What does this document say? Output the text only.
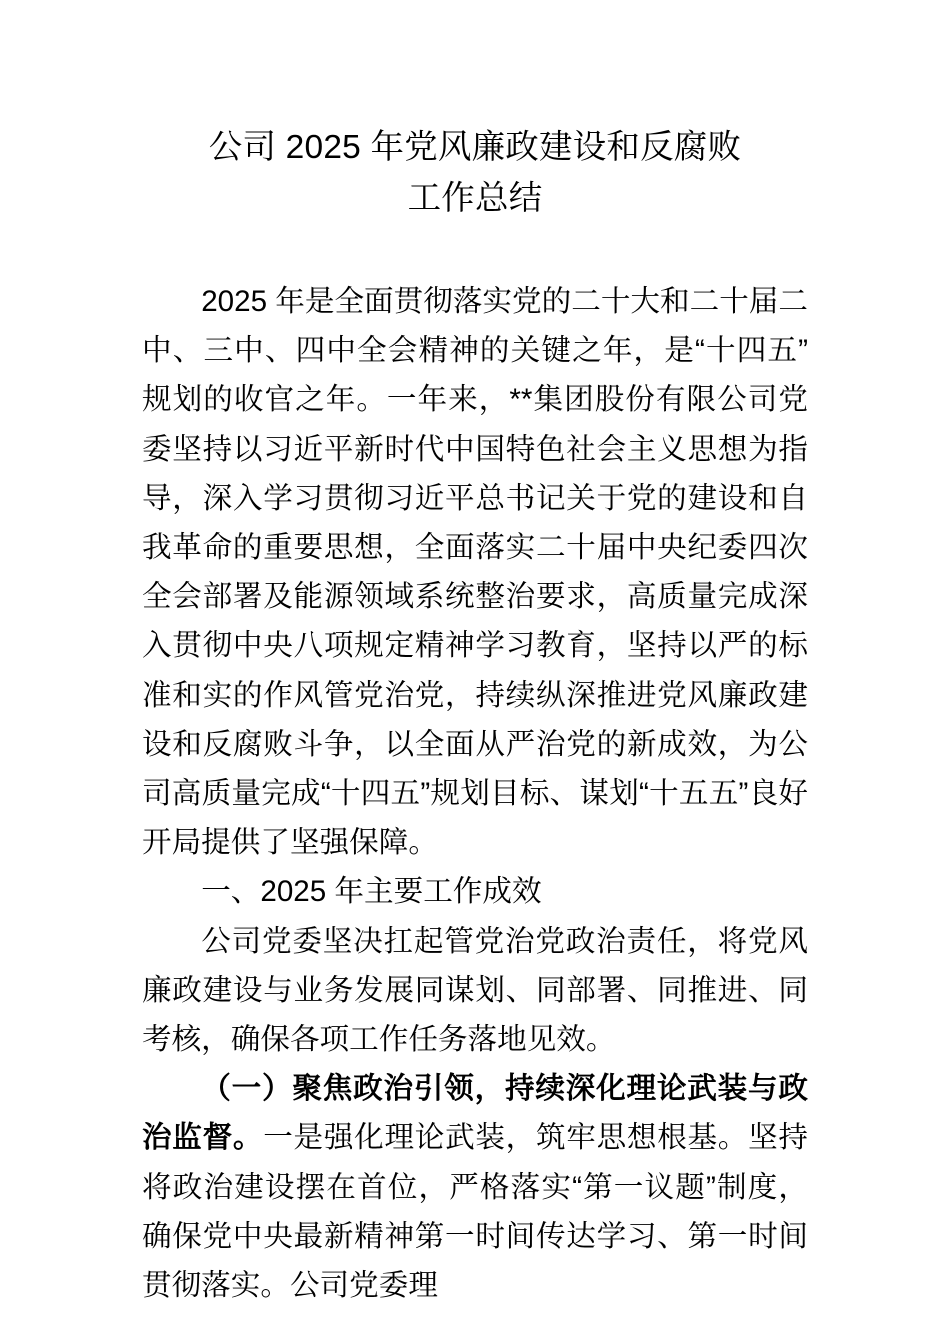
公司 2025 年党风廉政建设和反腐败
工作总结

2025 年是全面贯彻落实党的二十大和二十届二中、三中、四中全会精神的关键之年，是“十四五”规划的收官之年。一年来，**集团股份有限公司党委坚持以习近平新时代中国特色社会主义思想为指导，深入学习贯彻习近平总书记关于党的建设和自我革命的重要思想，全面落实二十届中央纪委四次全会部署及能源领域系统整治要求，高质量完成深入贯彻中央八项规定精神学习教育，坚持以严的标准和实的作风管党治党，持续纵深推进党风廉政建设和反腐败斗争，以全面从严治党的新成效，为公司高质量完成“十四五”规划目标、谋划“十五五”良好开局提供了坚强保障。

一、2025 年主要工作成效

公司党委坚决扛起管党治党政治责任，将党风廉政建设与业务发展同谋划、同部署、同推进、同考核，确保各项工作任务落地见效。

（一）聚焦政治引领，持续深化理论武装与政治监督。一是强化理论武装，筑牢思想根基。坚持将政治建设摆在首位，严格落实“第一议题”制度，确保党中央最新精神第一时间传达学习、第一时间贯彻落实。公司党委理
